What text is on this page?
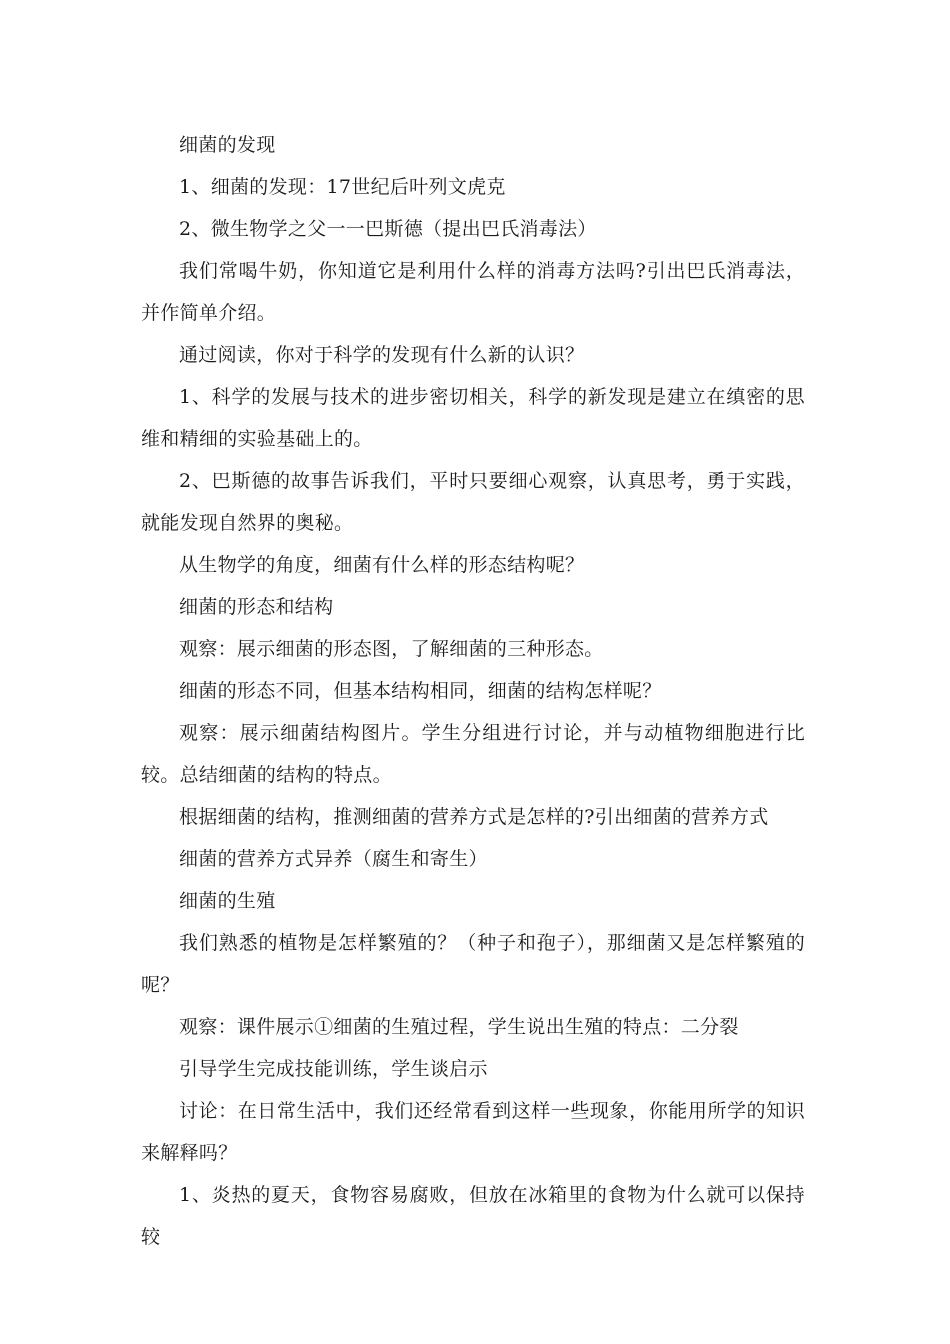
细菌的发现

1、细菌的发现：17世纪后叶列文虎克

2、微生物学之父一一巴斯德（提出巴氏消毒法）

我们常喝牛奶，你知道它是利用什么样的消毒方法吗?引出巴氏消毒法，并作简单介绍。

通过阅读，你对于科学的发现有什么新的认识？

1、科学的发展与技术的进步密切相关，科学的新发现是建立在缜密的思维和精细的实验基础上的。

2、巴斯德的故事告诉我们，平时只要细心观察，认真思考，勇于实践，就能发现自然界的奥秘。

从生物学的角度，细菌有什么样的形态结构呢？

细菌的形态和结构

观察：展示细菌的形态图，了解细菌的三种形态。

细菌的形态不同，但基本结构相同，细菌的结构怎样呢？

观察：展示细菌结构图片。学生分组进行讨论，并与动植物细胞进行比较。总结细菌的结构的特点。

根据细菌的结构，推测细菌的营养方式是怎样的?引出细菌的营养方式

细菌的营养方式异养（腐生和寄生）

细菌的生殖

我们熟悉的植物是怎样繁殖的？（种子和孢子），那细菌又是怎样繁殖的呢？

观察：课件展示①细菌的生殖过程，学生说出生殖的特点：二分裂

引导学生完成技能训练，学生谈启示

讨论：在日常生活中，我们还经常看到这样一些现象，你能用所学的知识来解释吗？

1、炎热的夏天，食物容易腐败，但放在冰箱里的食物为什么就可以保持较
